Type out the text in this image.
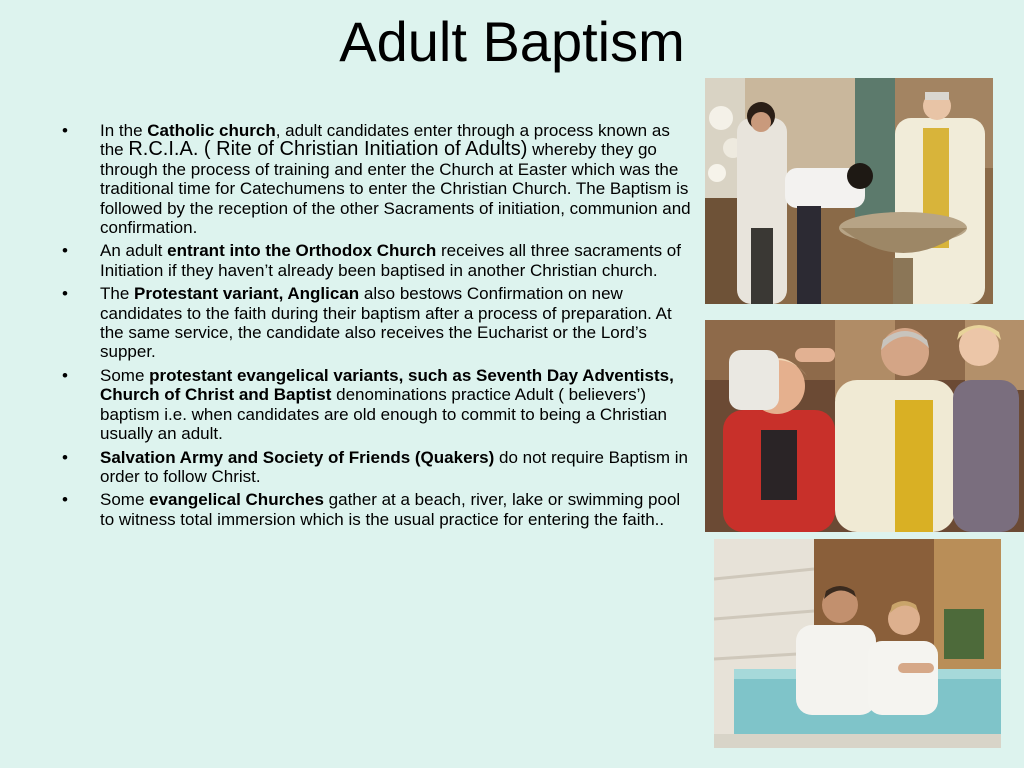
Adult Baptism
• In the Catholic church, adult candidates enter through a process known as the R.C.I.A. ( Rite of Christian Initiation of Adults) whereby they go through the process of training and enter the Church at Easter which was the traditional time for Catechumens to enter the Christian Church. The Baptism is followed by the reception of the other Sacraments of initiation, communion and confirmation.
• An adult entrant into the Orthodox Church receives all three sacraments of Initiation if they haven’t already been baptised in another Christian church.
• The Protestant variant, Anglican also bestows Confirmation on new candidates to the faith during their baptism after a process of preparation. At the same service, the candidate also receives the Eucharist or the Lord’s supper.
• Some protestant evangelical variants, such as Seventh Day Adventists, Church of Christ and Baptist denominations practice Adult ( believers’) baptism i.e. when candidates are old enough to commit to being a Christian usually an adult.
• Salvation Army and Society of Friends (Quakers) do not require Baptism in order to follow Christ.
• Some evangelical Churches gather at a beach, river, lake or swimming pool to witness total immersion which is the usual practice for entering the faith..
